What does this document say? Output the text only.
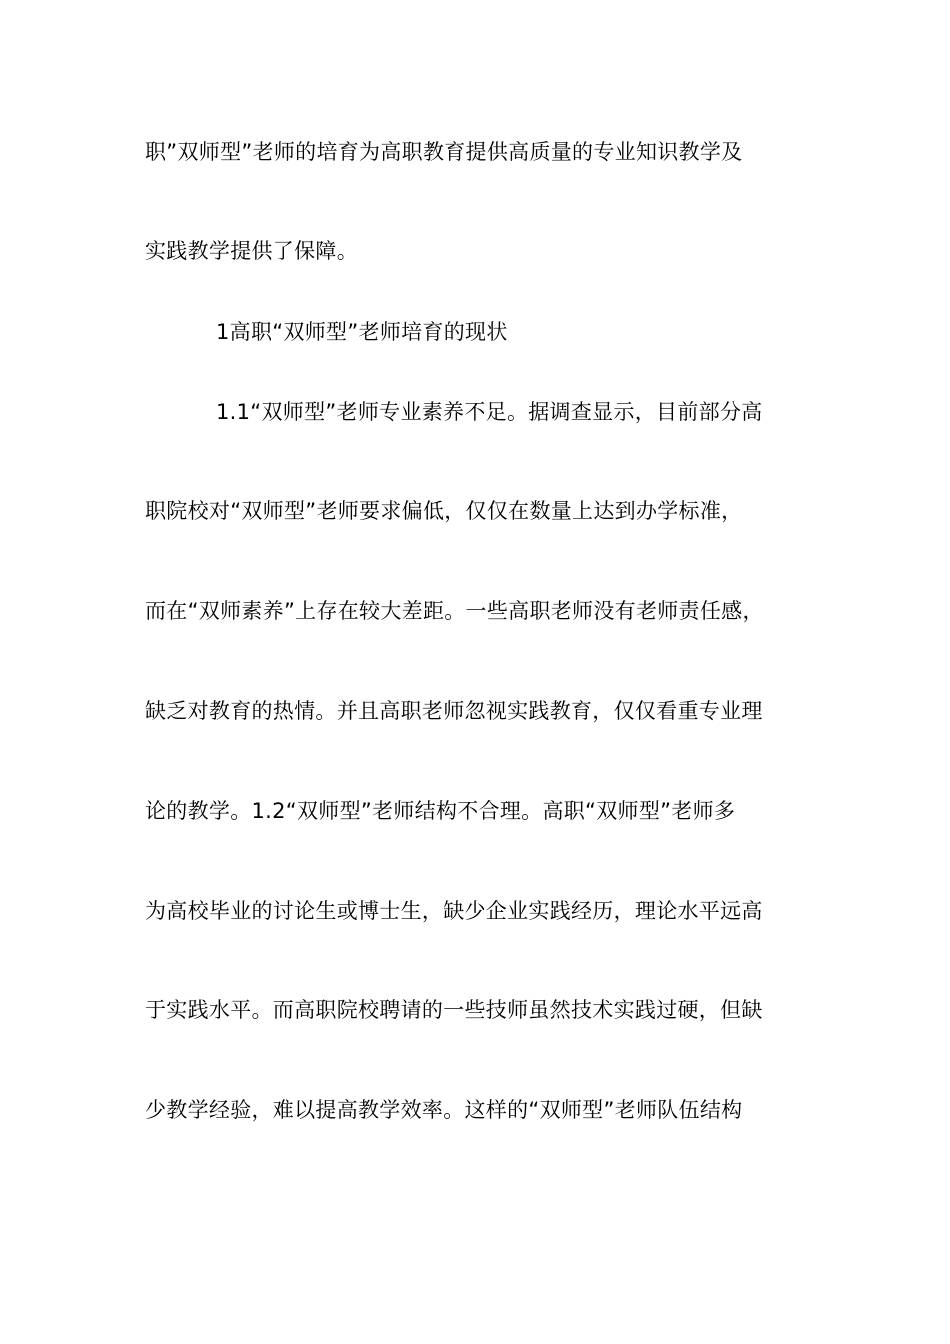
职”双师型”老师的培育为高职教育提供高质量的专业知识教学及
实践教学提供了保障。
1高职“双师型”老师培育的现状
1.1“双师型”老师专业素养不足。据调查显示，目前部分高
职院校对“双师型”老师要求偏低，仅仅在数量上达到办学标准，
而在“双师素养”上存在较大差距。一些高职老师没有老师责任感，
缺乏对教育的热情。并且高职老师忽视实践教育，仅仅看重专业理
论的教学。1.2“双师型”老师结构不合理。高职“双师型”老师多
为高校毕业的讨论生或博士生，缺少企业实践经历，理论水平远高
于实践水平。而高职院校聘请的一些技师虽然技术实践过硬，但缺
少教学经验，难以提高教学效率。这样的“双师型”老师队伍结构
